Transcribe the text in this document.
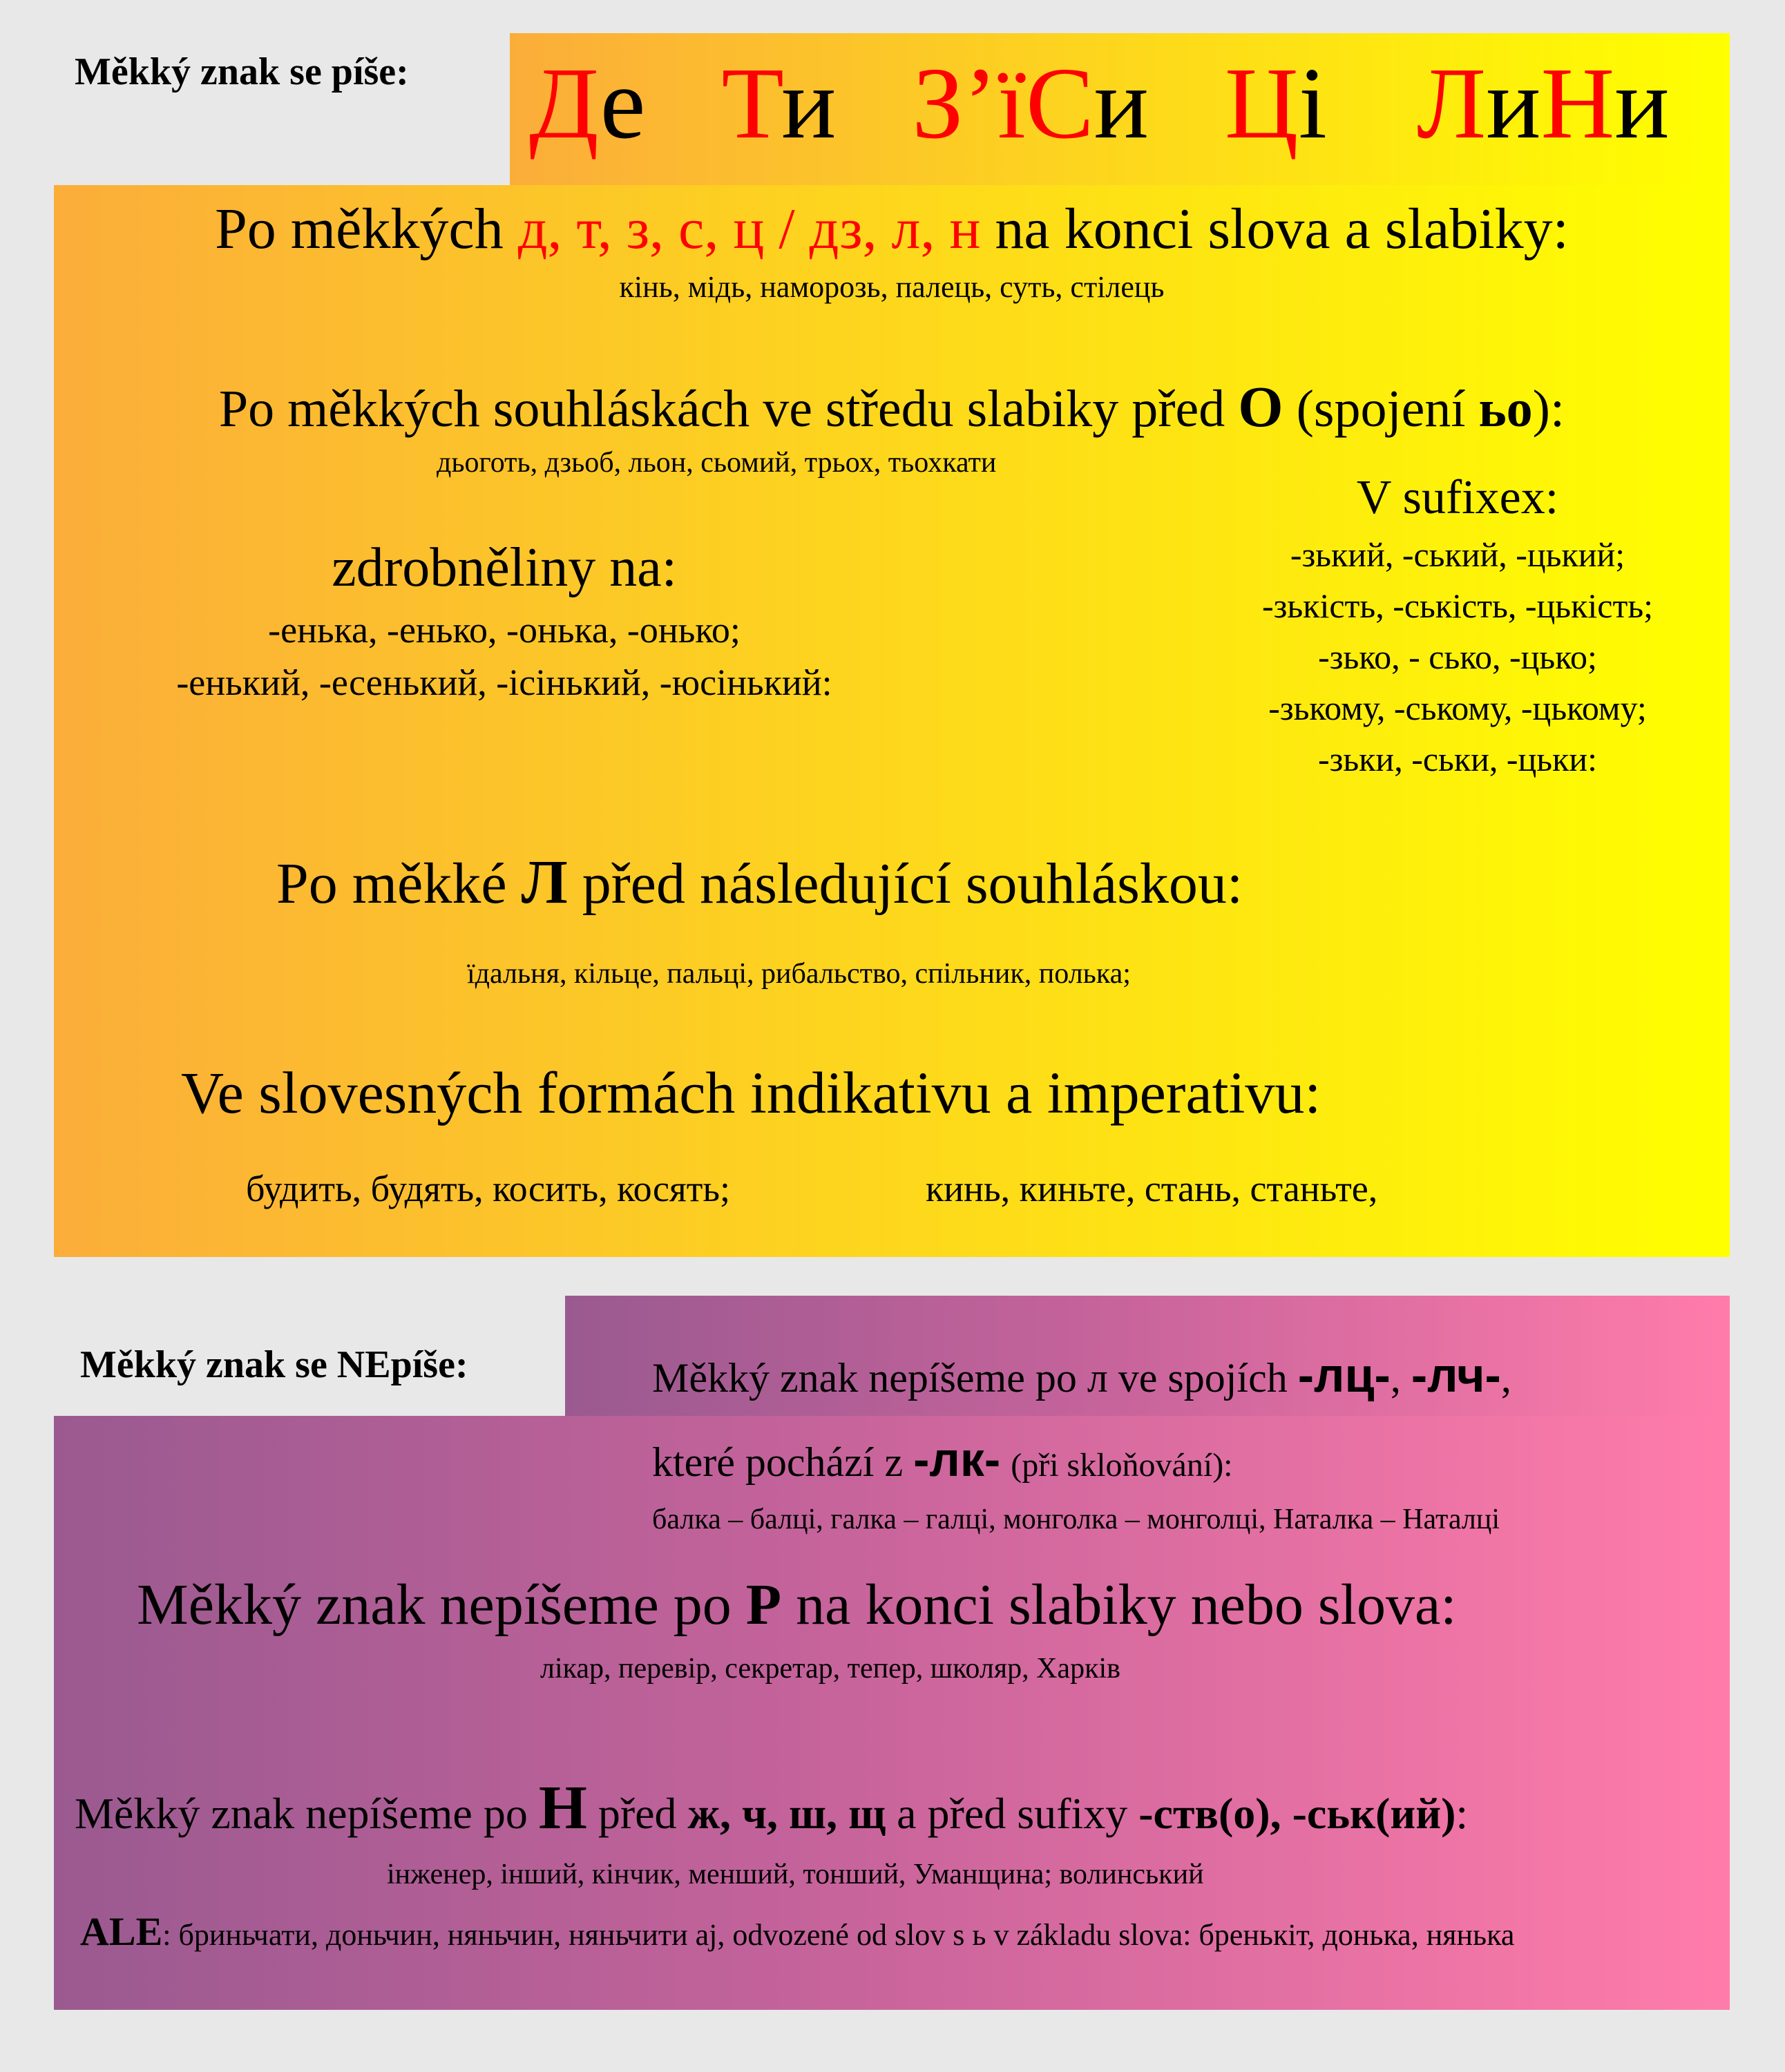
Měkký znak se píše: Де Ти З’їСи Ці ЛиНи
Po měkkých д, т, з, с, ц / дз, л, н na konci slova a slabiky:
кінь, мідь, наморозь, палець, суть, стілець
Po měkkých souhláskách ve středu slabiky před О (spojení ьо):
дьоготь, дзьоб, льон, сьомий, трьох, тьохкати
zdrobněliny na:
-енька, -енько, -онька, -онько;
-енький, -есенький, -ісінький, -юсінький:
V sufixex:
-зький, -ський, -цький;
-зькість, -ськість, -цькість;
-зько, - сько, -цько;
-зькому, -ському, -цькому;
-зьки, -ськи, -цьки:
Po měkké Л před následující souhláskou:
їдальня, кільце, пальці, рибальство, спільник, полька;
Ve slovesných formách indikativu a imperativu:
будить, будять, косить, косять;	кинь, киньте, стань, станьте,
Měkký znak se NEpíše:	Měkký znak nepíšeme po л ve spojích -лц-, -лч-,
které pochází z -лк- (při skloňování):
балка – балці, галка – галці, монголка – монголці, Наталка – Наталці
Měkký znak nepíšeme po Р na konci slabiky nebo slova:
лікар, перевір, секретар, тепер, школяр, Харків
Měkký znak nepíšeme po Н před ж, ч, ш, щ a před sufixy -ств(о), -ськ(ий):
інженер, інший, кінчик, менший, тонший, Уманщина; волинський
ALE: бриньчати, доньчин, няньчин, няньчити aj, odvozené od slov s ь v základu slova: бренькіт, донька, нянька
